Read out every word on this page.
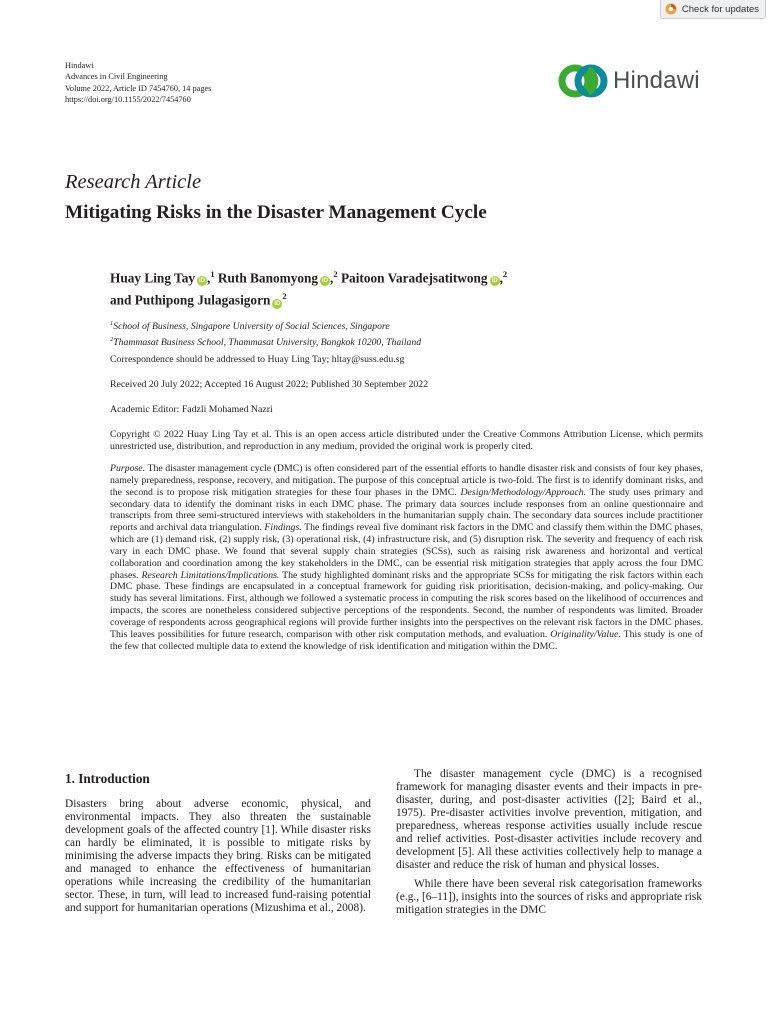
Check for updates
Hindawi
Advances in Civil Engineering
Volume 2022, Article ID 7454760, 14 pages
https://doi.org/10.1155/2022/7454760
Hindawi
Research Article
Mitigating Risks in the Disaster Management Cycle
Huay Ling Tay iD ,$^1$ Ruth Banomyong iD ,$^2$ Paitoon Varadejsatitwong iD ,$^2$
and Puthipong Julagasigorn $iD^2$
$^1$School of Business, Singapore University of Social Sciences, Singapore
$^2$Thammasat Business School, Thammasat University, Bangkok 10200, Thailand
Correspondence should be addressed to Huay Ling Tay; hltay@suss.edu.sg
Received 20 July 2022; Accepted 16 August 2022; Published 30 September 2022
Academic Editor: Fadzli Mohamed Nazri
Copyright © 2022 Huay Ling Tay et al. This is an open access article distributed under the Creative Commons Attribution License, which permits unrestricted use, distribution, and reproduction in any medium, provided the original work is properly cited.
Purpose. The disaster management cycle (DMC) is often considered part of the essential efforts to handle disaster risk and consists of four key phases, namely preparedness, response, recovery, and mitigation. The purpose of this conceptual article is two-fold. The first is to identify dominant risks, and the second is to propose risk mitigation strategies for these four phases in the DMC. Design/Methodology/Approach. The study uses primary and secondary data to identify the dominant risks in each DMC phase. The primary data sources include responses from an online questionnaire and transcripts from three semi-structured interviews with stakeholders in the humanitarian supply chain. The secondary data sources include practitioner reports and archival data triangulation. Findings. The findings reveal five dominant risk factors in the DMC and classify them within the DMC phases, which are (1) demand risk, (2) supply risk, (3) operational risk, (4) infrastructure risk, and (5) disruption risk. The severity and frequency of each risk vary in each DMC phase. We found that several supply chain strategies (SCSs), such as raising risk awareness and horizontal and vertical collaboration and coordination among the key stakeholders in the DMC, can be essential risk mitigation strategies that apply across the four DMC phases. Research Limitations/Implications. The study highlighted dominant risks and the appropriate SCSs for mitigating the risk factors within each DMC phase. These findings are encapsulated in a conceptual framework for guiding risk prioritisation, decision-making, and policy-making. Our study has several limitations. First, although we followed a systematic process in computing the risk scores based on the likelihood of occurrences and impacts, the scores are nonetheless considered subjective perceptions of the respondents. Second, the number of respondents was limited. Broader coverage of respondents across geographical regions will provide further insights into the perspectives on the relevant risk factors in the DMC phases. This leaves possibilities for future research, comparison with other risk computation methods, and evaluation. Originality/Value. This study is one of the few that collected multiple data to extend the knowledge of risk identification and mitigation within the DMC.
1. Introduction

Disasters bring about adverse economic, physical, and environmental impacts. They also threaten the sustainable development goals of the affected country [1]. While disaster risks can hardly be eliminated, it is possible to mitigate risks by minimising the adverse impacts they bring. Risks can be mitigated and managed to enhance the effectiveness of humanitarian operations while increasing the credibility of the humanitarian sector. These, in turn, will lead to increased fund-raising potential and support for humanitarian operations (Mizushima et al., 2008).

The disaster management cycle (DMC) is a recognised framework for managing disaster events and their impacts in pre-disaster, during, and post-disaster activities ([2]; Baird et al., 1975). Pre-disaster activities involve prevention, mitigation, and preparedness, whereas response activities usually include rescue and relief activities. Post-disaster activities include recovery and development [5]. All these activities collectively help to manage a disaster and reduce the risk of human and physical losses.

While there have been several risk categorisation frameworks (e.g., [6–11]), insights into the sources of risks and appropriate risk mitigation strategies in the DMC
